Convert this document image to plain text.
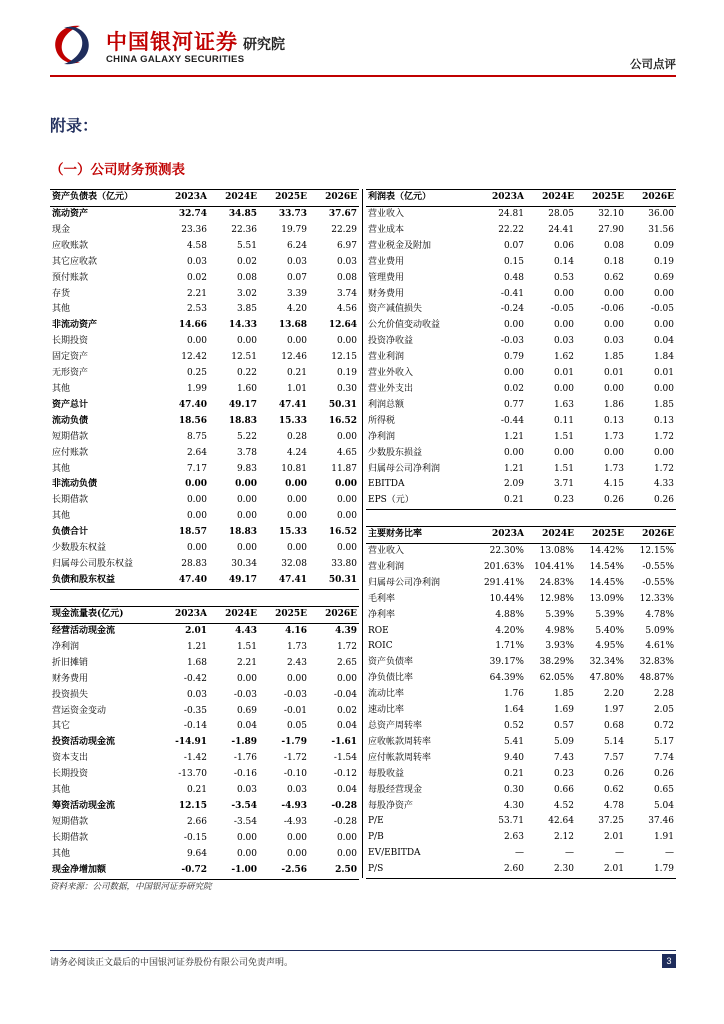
中国银河证券
CHINA GALAXY SECURITIES
研究院
公司点评
附录：
（一）公司财务预测表
资产负债表（亿元）	2023A	2024E	2025E	2026E
流动资产	32.74	34.85	33.73	37.67
现金	23.36	22.36	19.79	22.29
应收账款	4.58	5.51	6.24	6.97
其它应收款	0.03	0.02	0.03	0.03
预付账款	0.02	0.08	0.07	0.08
存货	2.21	3.02	3.39	3.74
其他	2.53	3.85	4.20	4.56
非流动资产	14.66	14.33	13.68	12.64
长期投资	0.00	0.00	0.00	0.00
固定资产	12.42	12.51	12.46	12.15
无形资产	0.25	0.22	0.21	0.19
其他	1.99	1.60	1.01	0.30
资产总计	47.40	49.17	47.41	50.31
流动负债	18.56	18.83	15.33	16.52
短期借款	8.75	5.22	0.28	0.00
应付账款	2.64	3.78	4.24	4.65
其他	7.17	9.83	10.81	11.87
非流动负债	0.00	0.00	0.00	0.00
长期借款	0.00	0.00	0.00	0.00
其他	0.00	0.00	0.00	0.00
负债合计	18.57	18.83	15.33	16.52
少数股东权益	0.00	0.00	0.00	0.00
归属母公司股东权益	28.83	30.34	32.08	33.80
负债和股东权益	47.40	49.17	47.41	50.31
利润表（亿元）	2023A	2024E	2025E	2026E
营业收入	24.81	28.05	32.10	36.00
营业成本	22.22	24.41	27.90	31.56
营业税金及附加	0.07	0.06	0.08	0.09
营业费用	0.15	0.14	0.18	0.19
管理费用	0.48	0.53	0.62	0.69
财务费用	-0.41	0.00	0.00	0.00
资产减值损失	-0.24	-0.05	-0.06	-0.05
公允价值变动收益	0.00	0.00	0.00	0.00
投资净收益	-0.03	0.03	0.03	0.04
营业利润	0.79	1.62	1.85	1.84
营业外收入	0.00	0.01	0.01	0.01
营业外支出	0.02	0.00	0.00	0.00
利润总额	0.77	1.63	1.86	1.85
所得税	-0.44	0.11	0.13	0.13
净利润	1.21	1.51	1.73	1.72
少数股东损益	0.00	0.00	0.00	0.00
归属母公司净利润	1.21	1.51	1.73	1.72
EBITDA	2.09	3.71	4.15	4.33
EPS（元）	0.21	0.23	0.26	0.26
现金流量表(亿元)	2023A	2024E	2025E	2026E
经营活动现金流	2.01	4.43	4.16	4.39
净利润	1.21	1.51	1.73	1.72
折旧摊销	1.68	2.21	2.43	2.65
财务费用	-0.42	0.00	0.00	0.00
投资损失	0.03	-0.03	-0.03	-0.04
营运资金变动	-0.35	0.69	-0.01	0.02
其它	-0.14	0.04	0.05	0.04
投资活动现金流	-14.91	-1.89	-1.79	-1.61
资本支出	-1.42	-1.76	-1.72	-1.54
长期投资	-13.70	-0.16	-0.10	-0.12
其他	0.21	0.03	0.03	0.04
筹资活动现金流	12.15	-3.54	-4.93	-0.28
短期借款	2.66	-3.54	-4.93	-0.28
长期借款	-0.15	0.00	0.00	0.00
其他	9.64	0.00	0.00	0.00
现金净增加额	-0.72	-1.00	-2.56	2.50
主要财务比率	2023A	2024E	2025E	2026E
营业收入	22.30%	13.08%	14.42%	12.15%
营业利润	201.63%	104.41%	14.54%	-0.55%
归属母公司净利润	291.41%	24.83%	14.45%	-0.55%
毛利率	10.44%	12.98%	13.09%	12.33%
净利率	4.88%	5.39%	5.39%	4.78%
ROE	4.20%	4.98%	5.40%	5.09%
ROIC	1.71%	3.93%	4.95%	4.61%
资产负债率	39.17%	38.29%	32.34%	32.83%
净负债比率	64.39%	62.05%	47.80%	48.87%
流动比率	1.76	1.85	2.20	2.28
速动比率	1.64	1.69	1.97	2.05
总资产周转率	0.52	0.57	0.68	0.72
应收帐款周转率	5.41	5.09	5.14	5.17
应付帐款周转率	9.40	7.43	7.57	7.74
每股收益	0.21	0.23	0.26	0.26
每股经营现金	0.30	0.66	0.62	0.65
每股净资产	4.30	4.52	4.78	5.04
P/E	53.71	42.64	37.25	37.46
P/B	2.63	2.12	2.01	1.91
EV/EBITDA	—	—	—	—
P/S	2.60	2.30	2.01	1.79
资料来源：公司数据，中国银河证券研究院
请务必阅读正文最后的中国银河证券股份有限公司免责声明。	3
